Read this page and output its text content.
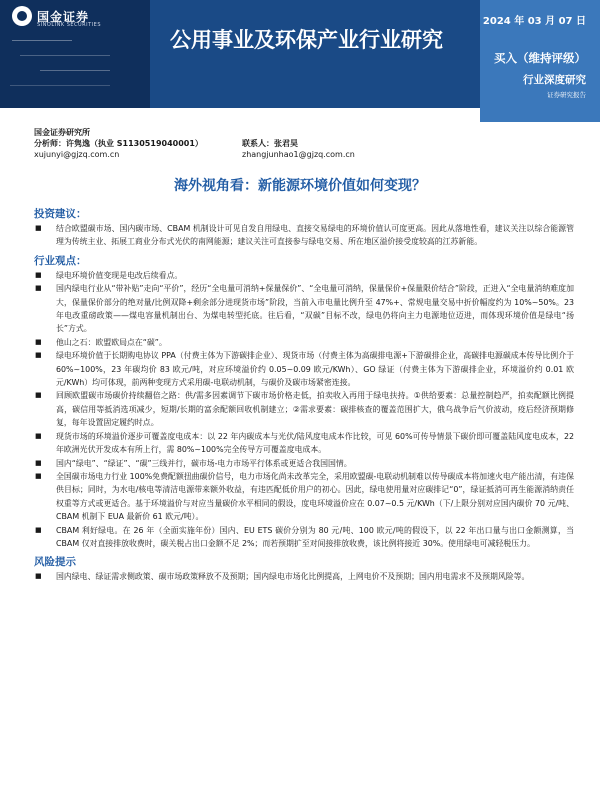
国金证券
SINOLINK SECURITIES
公用事业及环保产业行业研究
2024 年 03 月 07 日
买入（维持评级）
行业深度研究
证券研究报告
国金证券研究所
分析师：许隽逸（执业 S1130519040001）	联系人：张君昊
xujunyi@gjzq.com.cn	zhangjunhao1@gjzq.com.cn
海外视角看：新能源环境价值如何变现？
投资建议：
■	结合欧盟碳市场、国内碳市场、CBAM 机制设计可见自发自用绿电、直接交易绿电的环境价值认可度更高。因此从落地性看，建议关注以综合能源管理为传统主业、拓展工商业分布式光伏的南网能源；建议关注可直接参与绿电交易、所在地区溢价接受度较高的江苏新能。
行业观点：
■	绿电环境价值变现是电改后续看点。
■	国内绿电行业从“带补贴”走向“平价”，经历“全电量可消纳+保量保价”、“全电量可消纳，保量保价+保量限价结合”阶段，正进入“全电量消纳难度加大，保量保价部分的绝对量/比例双降+剩余部分进现货市场”阶段，当前入市电量比例升至 47%+、常规电量交易中折价幅度约为 10%~50%。23 年电改重磅政策——煤电容量机制出台、为煤电转型托底。往后看，“双碳”目标不改，绿电仍将向主力电源地位迈进，而体现环境价值是绿电“扬长”方式。
■	他山之石：欧盟欧局点在“碳”。
■	绿电环境价值于长期购电协议 PPA（付费主体为下游碳排企业）、现货市场（付费主体为高碳排电源+下游碳排企业，高碳排电源碳成本传导比例介于 60%~100%，23 年碳均价 83 欧元/吨，对应环境溢价约 0.05~0.09 欧元/KWh）、GO 绿证（付费主体为下游碳排企业，环境溢价约 0.01 欧元/KWh）均可体现，前两种变现方式采用碳-电联动机制，与碳价及碳市场紧密连接。
■	回顾欧盟碳市场碳价持续翻倍之路：供/需多因素调节下碳市场价格走低，拍卖收入再用于绿电扶持。①供给要素：总量控制趋严，拍卖配额比例提高，碳信用等抵消选项减少，短期/长期的富余配额回收机制建立；②需求要素：碳排核查的覆盖范围扩大，俄乌战争后气价波动，疫后经济预期修复，每年设置固定履约时点。
■	现货市场的环境溢价逐步可覆盖度电成本：以 22 年内碳成本与光伏/陆风度电成本作比较，可见 60%可传导情景下碳价即可覆盖陆风度电成本，22 年欧洲光伏开发成本有所上行，需 80%~100%完全传导方可覆盖度电成本。
■	国内“绿电”、“绿证”、“碳”三线并行，碳市场-电力市场平行体系或更适合我国国情。
■	全国碳市场电力行业 100%免费配额扭曲碳价信号，电力市场化尚未改革完全，采用欧盟碳-电联动机制难以传导碳成本将加速火电产能出清，有违保供目标；同时，为水电/核电等清洁电源带来额外收益，有违匹配低价用户的初心。因此，绿电使用量对应碳排记“0”，绿证抵消可再生能源消纳责任权重等方式或更适合。基于环境溢价与对应当量碳价水平相同的假设，度电环境溢价应在 0.07~0.5 元/KWh（下/上限分别对应国内碳价 70 元/吨、CBAM 机制下 EUA 最新价 61 欧元/吨）。
■	CBAM 利好绿电。在 26 年（全面实施年份）国内、EU ETS 碳价分别为 80 元/吨、100 欧元/吨的假设下，以 22 年出口量与出口金额测算，当 CBAM 仅对直接排放收费时，碳关税占出口金额不足 2%；而若预期扩至对间接排放收费，该比例将接近 30%。使用绿电可减轻税压力。
风险提示
■	国内绿电、绿证需求侧政策、碳市场政策释放不及预期；国内绿电市场化比例提高，上网电价不及预期；国内用电需求不及预期风险等。
